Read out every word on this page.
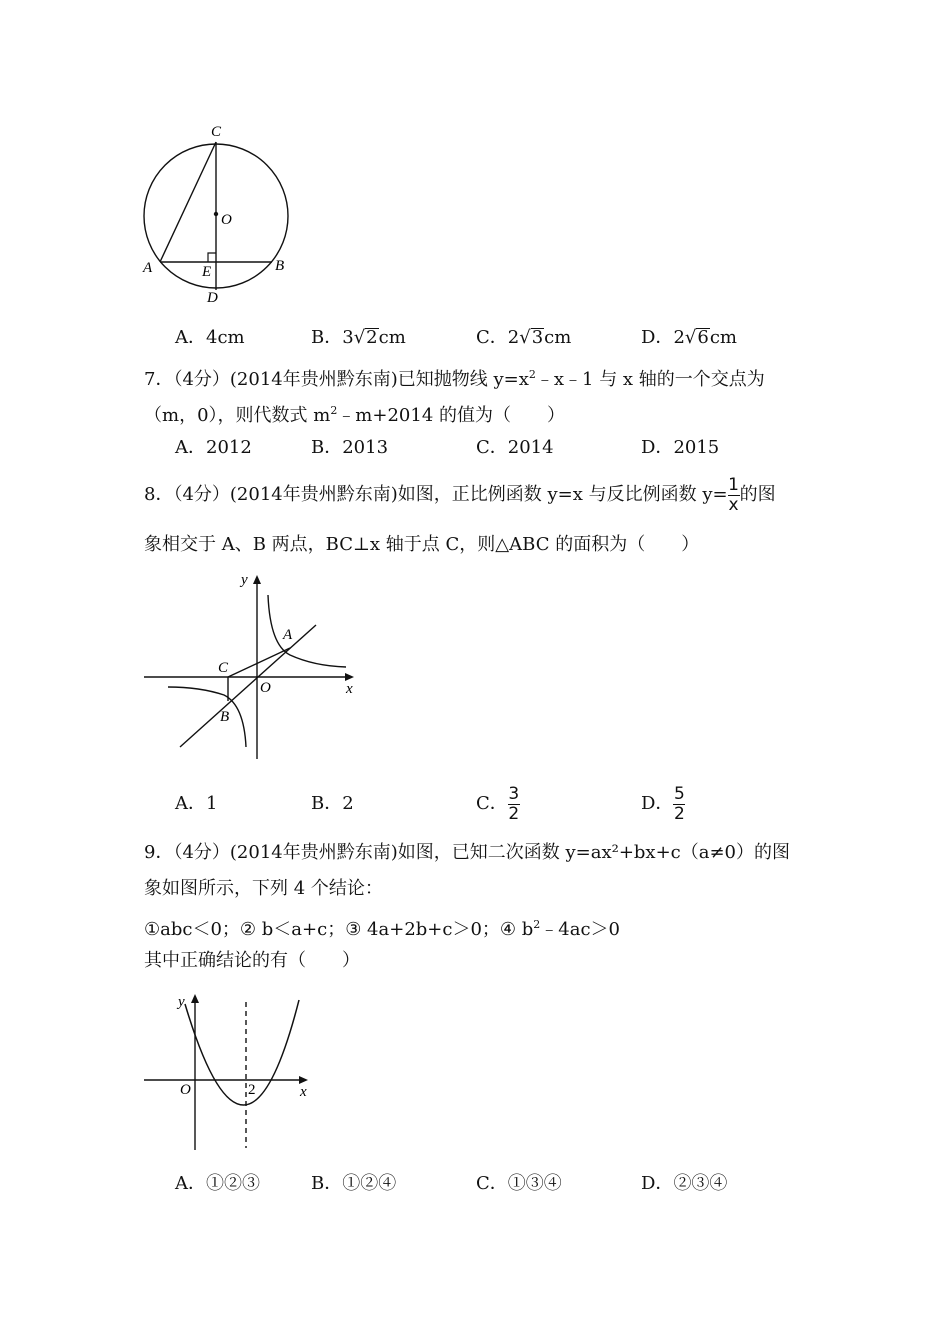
C
O
A	B
E
D
A．4cm	B．3√2cm	C．2√3cm	D．2√6cm
7．（4分）(2014年贵州黔东南)已知抛物线 $y=x^2﹣x﹣1$ 与 x 轴的一个交点为
（m，0），则代数式 $m^2﹣m+2014$ 的值为（　　）
A．2012	B．2013	C．2014	D．2015
8．（4分）(2014年贵州黔东南)如图，正比例函数 y=x 与反比例函数 $y= \frac{1}{x}$ 的图
象相交于 A、B 两点，BC⊥x 轴于点 C，则△ABC 的面积为（　　）
y
x
A
C
O
B
A．1	B．2	C． $\frac{3}{2}$	D． $\frac{5}{2}$
9．（4分）(2014年贵州黔东南)如图，已知二次函数 y=ax²+bx+c（a≠0）的图
象如图所示，下列 4 个结论：
①abc＜0；② b＜a+c；③ 4a+2b+c＞0；④ $b^2﹣4ac>0$
其中正确结论的有（　　）
y
x
O	2
A．①②③	B．①②④	C．①③④	D．②③④
